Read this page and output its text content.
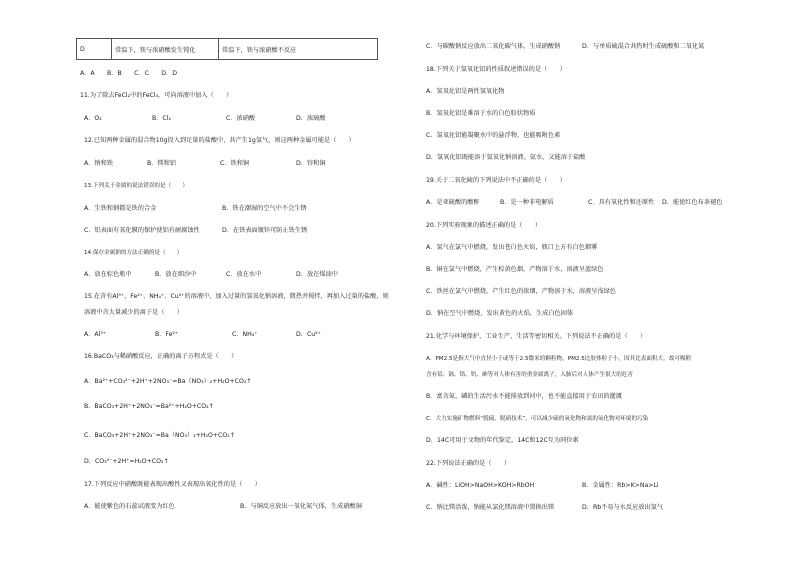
D	常温下，铁与浓硝酸发生钝化	常温下，铁与浓硝酸不反应
A．A　　B．B　　C．C　　D．D
11.为了除去FeCl₂中的FeCl₃，可向溶液中加入（　　）
A．O₂	B．Cl₂	C．浓硝酸	D．浓硫酸
12.已知两种金属的混合物10g投入到足量的盐酸中，共产生1g氢气，则这两种金属可能是（　　）
A．钠和铁	B．镁和铝	C．铁和铜	D．锌和铜
13.下列关于金属的说法错误的是（　　）
A．生铁和钢都是铁的合金	B．铁在潮湿的空气中不会生锈
C．铝表面有氧化膜的保护使铝有耐腐蚀性	D．在铁表面镀锌可防止铁生锈
14.保存金属钠的方法正确的是（　　）
A．放在棕色瓶中	B．放在细沙中	C．放在水中	D．放在煤油中
15.在含有Al³⁺、Fe²⁺、NH₄⁺、Cu²⁺的溶液中，加入过量的氢氧化钠溶液，微热并搅拌，再加入过量的盐酸，则
溶液中含大量减少的离子是（　　）
A．Al³⁺	B．Fe²⁺	C．NH₄⁺	D．Cu²⁺
16.BaCO₃与稀硝酸反应，正确的离子方程式是（　　）
A．Ba²⁺+CO₃²⁻+2H⁺+2NO₃⁻=Ba（NO₃）₂+H₂O+CO₂↑
B．BaCO₃+2H⁺+2NO₃⁻=Ba²⁺+H₂O+CO₂↑
C．BaCO₃+2H⁺+2NO₃⁻=Ba（NO₃）₂+H₂O+CO₂↑
D．CO₃²⁻+2H⁺=H₂O+CO₂↑
17.下列反应中硝酸既能表现出酸性又表现出氧化性的是（　　）
A．能使紫色的石蕊试液变为红色	B．与铜反应放出一氧化氮气体，生成硝酸铜
C．与碳酸钠反应放出二氧化碳气体，生成硝酸钠	D．与单质硫混合共热时生成硫酸和二氧化氮
18.下列关于氢氧化铝的性质叙述错误的是（　　）
A．氢氧化铝是两性氢氧化物
B．氢氧化铝是难溶于水的白色胶状物质
C．氢氧化铝能凝聚水中的悬浮物，也能吸附色素
D．氢氧化铝既能溶于氢氧化钠溶液、氨水，又能溶于盐酸
19.关于二氧化硫的下列说法中不正确的是（　　）
A．是亚硫酸的酸酐	B．是一种非电解质	C．具有氧化性和还原性 D．能使红色布条褪色
20.下列实验现象的描述正确的是（　　）
A．氢气在氯气中燃烧，发出苍白色火焰，瓶口上方有白色烟雾
B．铜在氯气中燃烧，产生棕黄色烟，产物溶于水，溶液呈蓝绿色
C．铁丝在氯气中燃烧，产生红色的浓烟，产物溶于水，溶液呈浅绿色
D．钠在空气中燃烧，发出黄色的火焰，生成白色固体
21.化学与环境保护、工业生产、生活等密切相关。下列说法不正确的是（　　）
A．PM2.5是指大气中直径小于或等于2.5微米的颗粒物，PM2.5比胶体粒子小，因其比表面积大，故可吸附
含有铅、镉、铬、钒、砷等对人体有害的重金属离子，入肺后对人体产生很大的危害
B．富含氮、磷的生活污水不能排放到河中，也不能直接用于农田的灌溉
C．大力实施矿物燃料“脱硫、脱硝技术”，可以减少硫的氧化物和氮的氧化物对环境的污染
D．14C可用于文物的年代鉴定，14C和12C互为同位素
22.下列说法正确的是（　　）
A．碱性：LiOH>NaOH>KOH>RbOH	B．金属性：Rb>K>Na>Li
C．钠比镁活泼，钠能从氯化镁溶液中置换出镁	D．Rb不易与水反应放出氢气
